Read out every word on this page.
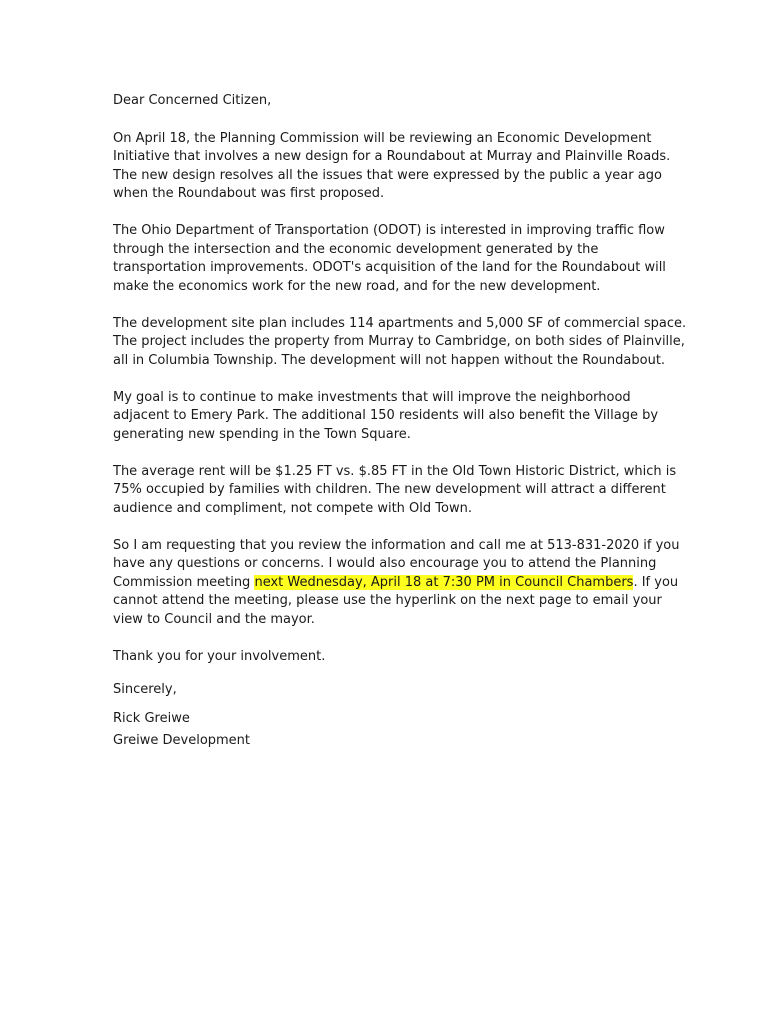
Dear Concerned Citizen,
On April 18, the Planning Commission will be reviewing an Economic Development
Initiative that involves a new design for a Roundabout at Murray and Plainville Roads.
The new design resolves all the issues that were expressed by the public a year ago
when the Roundabout was first proposed.
The Ohio Department of Transportation (ODOT) is interested in improving traffic flow
through the intersection and the economic development generated by the
transportation improvements. ODOT's acquisition of the land for the Roundabout will
make the economics work for the new road, and for the new development.
The development site plan includes 114 apartments and 5,000 SF of commercial space.
The project includes the property from Murray to Cambridge, on both sides of Plainville,
all in Columbia Township. The development will not happen without the Roundabout.
My goal is to continue to make investments that will improve the neighborhood
adjacent to Emery Park. The additional 150 residents will also benefit the Village by
generating new spending in the Town Square.
The average rent will be $1.25 FT vs. $.85 FT in the Old Town Historic District, which is
75% occupied by families with children. The new development will attract a different
audience and compliment, not compete with Old Town.
So I am requesting that you review the information and call me at 513-831-2020 if you
have any questions or concerns. I would also encourage you to attend the Planning
Commission meeting next Wednesday, April 18 at 7:30 PM in Council Chambers. If you
cannot attend the meeting, please use the hyperlink on the next page to email your
view to Council and the mayor.
Thank you for your involvement.
Sincerely,
Rick Greiwe
Greiwe Development
